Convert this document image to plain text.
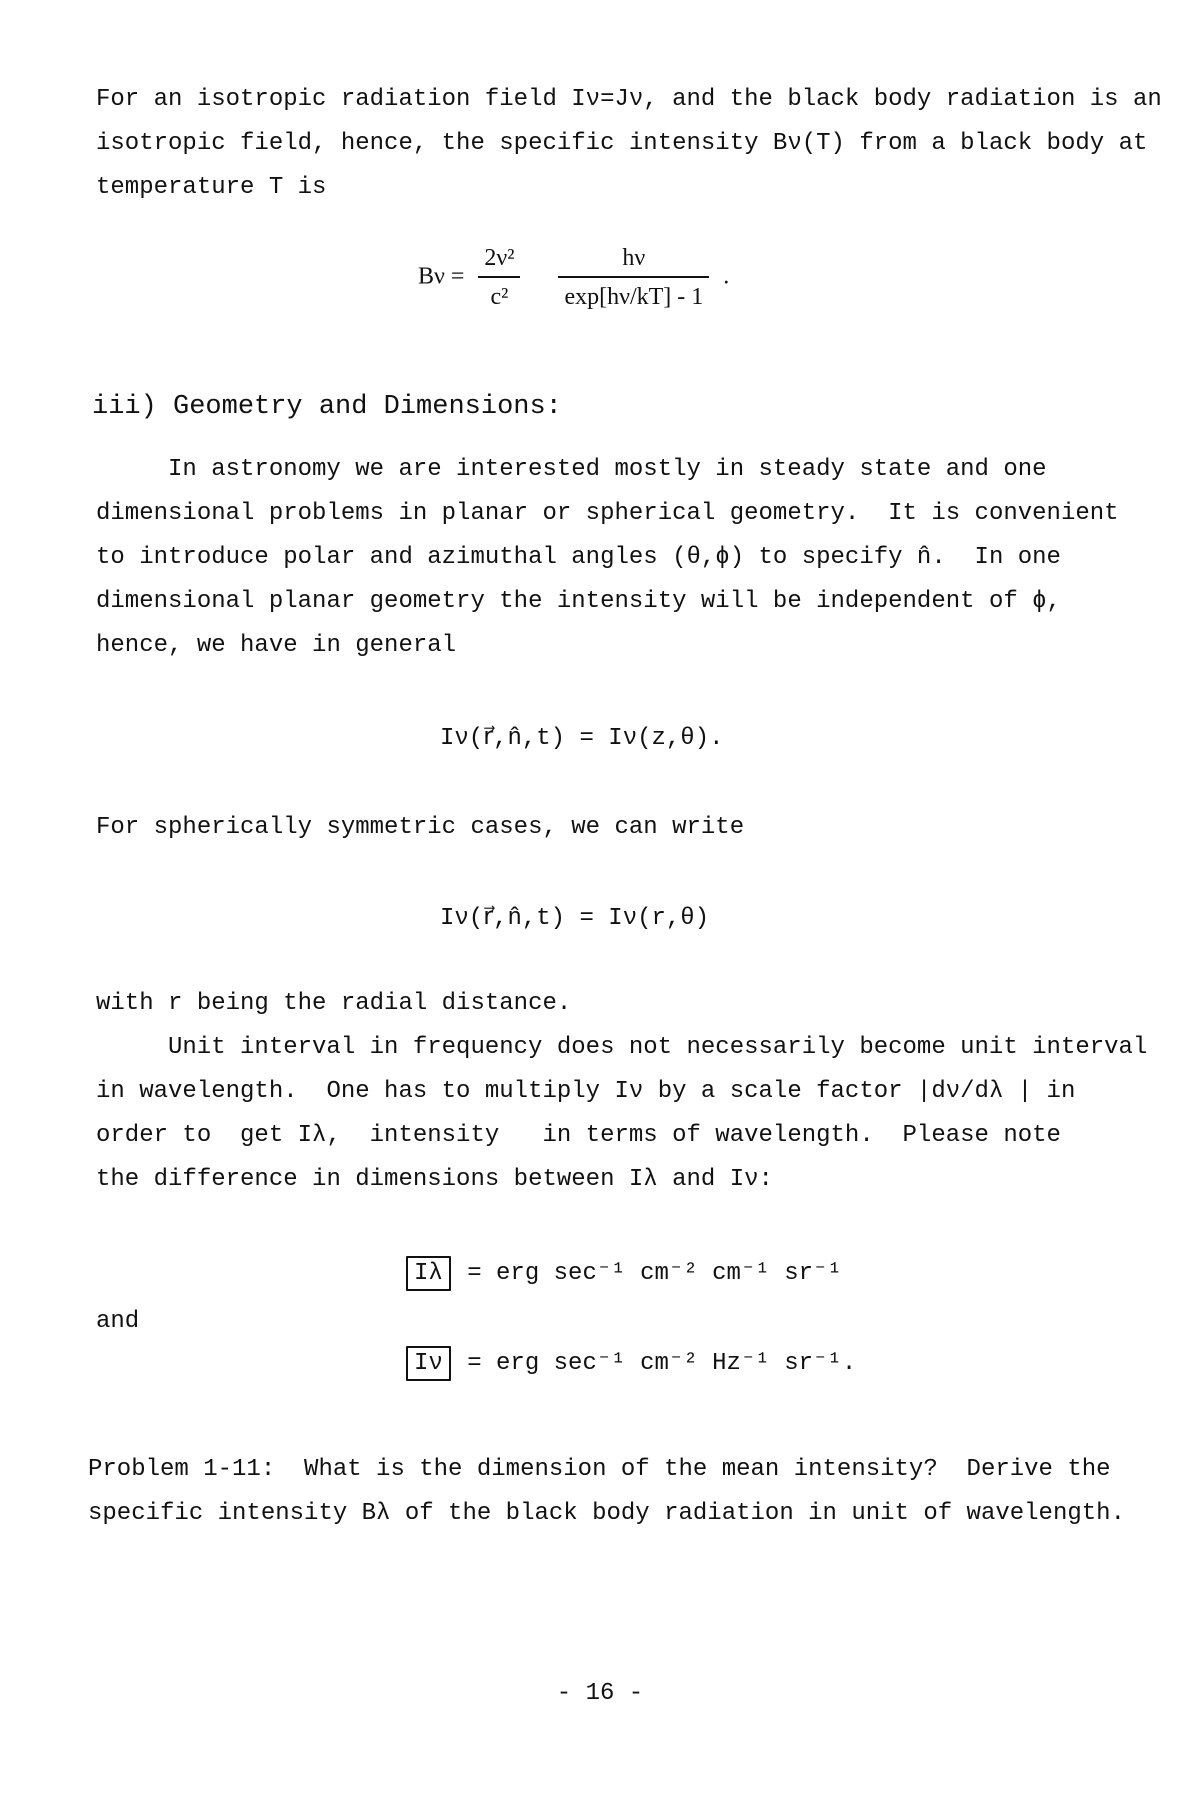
For an isotropic radiation field Iν=Jν, and the black body radiation is an
isotropic field, hence, the specific intensity Bν(T) from a black body at
temperature T is

$B\nu = \frac{\text{2ν²}}{\text{c²}}$
$\frac{h\nu}{\exp[h\nu/kT] - 1}$ .
iii) Geometry and Dimensions:

In astronomy we are interested mostly in steady state and one
dimensional problems in planar or spherical geometry.  It is convenient
to introduce polar and azimuthal angles (θ,ϕ) to specify n̂.  In one
dimensional planar geometry the intensity will be independent of ϕ,
hence, we have in general

Iν(r⃗,n̂,t) = Iν(z,θ).

For spherically symmetric cases, we can write

Iν(r⃗,n̂,t) = Iν(r,θ)

with r being the radial distance.
Unit interval in frequency does not necessarily become unit interval
in wavelength.  One has to multiply Iν by a scale factor |dν/dλ | in
order to  get Iλ,  intensity   in terms of wavelength.  Please note
the difference in dimensions between Iλ and Iν:

Iλ = erg sec⁻¹ cm⁻² cm⁻¹ sr⁻¹
and
Iν = erg sec⁻¹ cm⁻² Hz⁻¹ sr⁻¹.

Problem 1-11:  What is the dimension of the mean intensity?  Derive the
specific intensity Bλ of the black body radiation in unit of wavelength.

- 16 -
